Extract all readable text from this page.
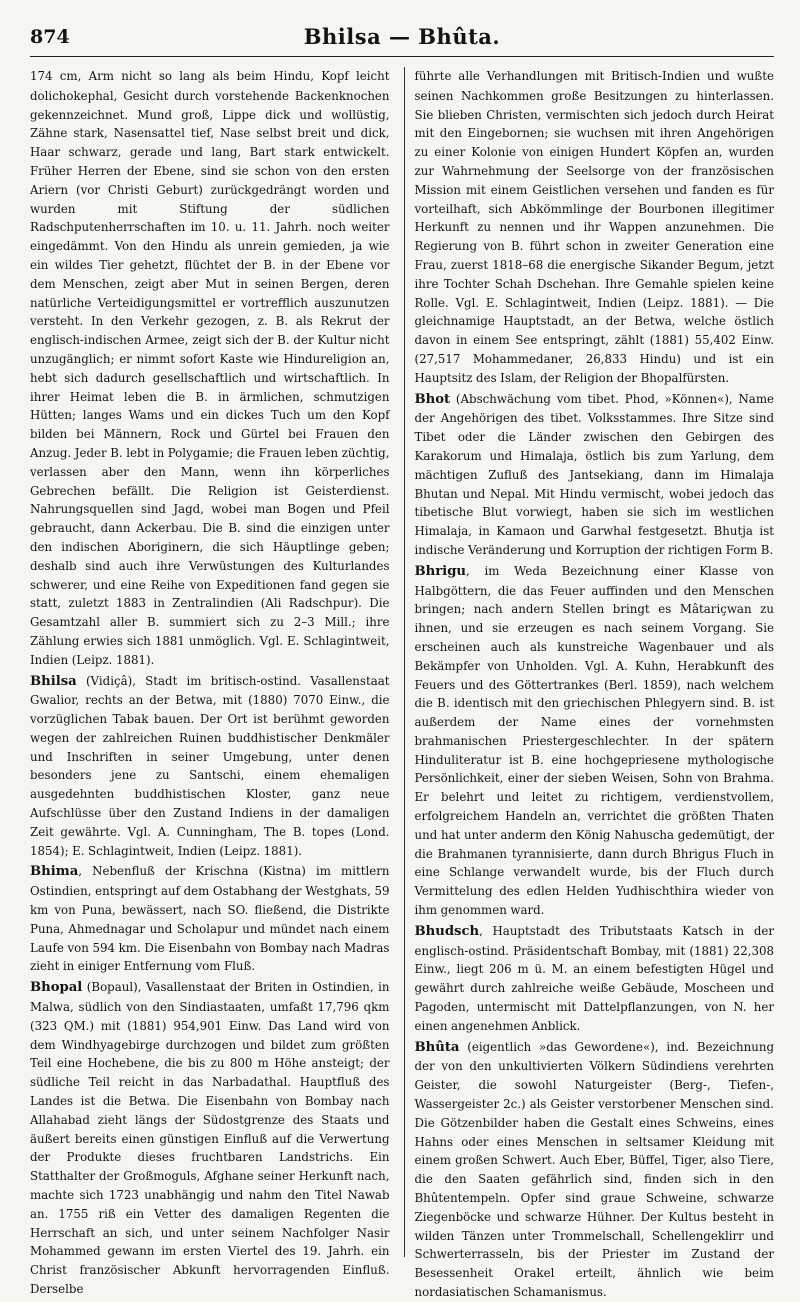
874	Bhilsa — Bhûta.

174 cm, Arm nicht so lang als beim Hindu, Kopf leicht dolichokephal, Gesicht durch vorstehende Backenknochen gekennzeichnet. Mund groß, Lippe dick und wollüstig, Zähne stark, Nasensattel tief, Nase selbst breit und dick, Haar schwarz, gerade und lang, Bart stark entwickelt. Früher Herren der Ebene, sind sie schon von den ersten Ariern (vor Christi Geburt) zurückgedrängt worden und wurden mit Stiftung der südlichen Radschputenherrschaften im 10. u. 11. Jahrh. noch weiter eingedämmt. Von den Hindu als unrein gemieden, ja wie ein wildes Tier gehetzt, flüchtet der B. in der Ebene vor dem Menschen, zeigt aber Mut in seinen Bergen, deren natürliche Verteidigungsmittel er vortrefflich auszunutzen versteht. In den Verkehr gezogen, z. B. als Rekrut der englisch-indischen Armee, zeigt sich der B. der Kultur nicht unzugänglich; er nimmt sofort Kaste wie Hindureligion an, hebt sich dadurch gesellschaftlich und wirtschaftlich. In ihrer Heimat leben die B. in ärmlichen, schmutzigen Hütten; langes Wams und ein dickes Tuch um den Kopf bilden bei Männern, Rock und Gürtel bei Frauen den Anzug. Jeder B. lebt in Polygamie; die Frauen leben züchtig, verlassen aber den Mann, wenn ihn körperliches Gebrechen befällt. Die Religion ist Geisterdienst. Nahrungsquellen sind Jagd, wobei man Bogen und Pfeil gebraucht, dann Ackerbau. Die B. sind die einzigen unter den indischen Aboriginern, die sich Häuptlinge geben; deshalb sind auch ihre Verwüstungen des Kulturlandes schwerer, und eine Reihe von Expeditionen fand gegen sie statt, zuletzt 1883 in Zentralindien (Ali Radschpur). Die Gesamtzahl aller B. summiert sich zu 2–3 Mill.; ihre Zählung erwies sich 1881 unmöglich. Vgl. E. Schlagintweit, Indien (Leipz. 1881).

Bhilsa (Vidiçâ), Stadt im britisch-ostind. Vasallenstaat Gwalior, rechts an der Betwa, mit (1880) 7070 Einw., die vorzüglichen Tabak bauen. Der Ort ist berühmt geworden wegen der zahlreichen Ruinen buddhistischer Denkmäler und Inschriften in seiner Umgebung, unter denen besonders jene zu Santschi, einem ehemaligen ausgedehnten buddhistischen Kloster, ganz neue Aufschlüsse über den Zustand Indiens in der damaligen Zeit gewährte. Vgl. A. Cunningham, The B. topes (Lond. 1854); E. Schlagintweit, Indien (Leipz. 1881).

Bhima, Nebenfluß der Krischna (Kistna) im mittlern Ostindien, entspringt auf dem Ostabhang der Westghats, 59 km von Puna, bewässert, nach SO. fließend, die Distrikte Puna, Ahmednagar und Scholapur und mündet nach einem Laufe von 594 km. Die Eisenbahn von Bombay nach Madras zieht in einiger Entfernung vom Fluß.

Bhopal (Bopaul), Vasallenstaat der Briten in Ostindien, in Malwa, südlich von den Sindiastaaten, umfaßt 17,796 qkm (323 QM.) mit (1881) 954,901 Einw. Das Land wird von dem Windhyagebirge durchzogen und bildet zum größten Teil eine Hochebene, die bis zu 800 m Höhe ansteigt; der südliche Teil reicht in das Narbadathal. Hauptfluß des Landes ist die Betwa. Die Eisenbahn von Bombay nach Allahabad zieht längs der Südostgrenze des Staats und äußert bereits einen günstigen Einfluß auf die Verwertung der Produkte dieses fruchtbaren Landstrichs. Ein Statthalter der Großmoguls, Afghane seiner Herkunft nach, machte sich 1723 unabhängig und nahm den Titel Nawab an. 1755 riß ein Vetter des damaligen Regenten die Herrschaft an sich, und unter seinem Nachfolger Nasir Mohammed gewann im ersten Viertel des 19. Jahrh. ein Christ französischer Abkunft hervorragenden Einfluß. Derselbe

führte alle Verhandlungen mit Britisch-Indien und wußte seinen Nachkommen große Besitzungen zu hinterlassen. Sie blieben Christen, vermischten sich jedoch durch Heirat mit den Eingebornen; sie wuchsen mit ihren Angehörigen zu einer Kolonie von einigen Hundert Köpfen an, wurden zur Wahrnehmung der Seelsorge von der französischen Mission mit einem Geistlichen versehen und fanden es für vorteilhaft, sich Abkömmlinge der Bourbonen illegitimer Herkunft zu nennen und ihr Wappen anzunehmen. Die Regierung von B. führt schon in zweiter Generation eine Frau, zuerst 1818–68 die energische Sikander Begum, jetzt ihre Tochter Schah Dschehan. Ihre Gemahle spielen keine Rolle. Vgl. E. Schlagintweit, Indien (Leipz. 1881). — Die gleichnamige Hauptstadt, an der Betwa, welche östlich davon in einem See entspringt, zählt (1881) 55,402 Einw. (27,517 Mohammedaner, 26,833 Hindu) und ist ein Hauptsitz des Islam, der Religion der Bhopalfürsten.

Bhot (Abschwächung vom tibet. Phod, »Können«), Name der Angehörigen des tibet. Volksstammes. Ihre Sitze sind Tibet oder die Länder zwischen den Gebirgen des Karakorum und Himalaja, östlich bis zum Yarlung, dem mächtigen Zufluß des Jantsekiang, dann im Himalaja Bhutan und Nepal. Mit Hindu vermischt, wobei jedoch das tibetische Blut vorwiegt, haben sie sich im westlichen Himalaja, in Kamaon und Garwhal festgesetzt. Bhutja ist indische Veränderung und Korruption der richtigen Form B.

Bhrigu, im Weda Bezeichnung einer Klasse von Halbgöttern, die das Feuer auffinden und den Menschen bringen; nach andern Stellen bringt es Mâtariçwan zu ihnen, und sie erzeugen es nach seinem Vorgang. Sie erscheinen auch als kunstreiche Wagenbauer und als Bekämpfer von Unholden. Vgl. A. Kuhn, Herabkunft des Feuers und des Göttertrankes (Berl. 1859), nach welchem die B. identisch mit den griechischen Phlegyern sind. B. ist außerdem der Name eines der vornehmsten brahmanischen Priestergeschlechter. In der spätern Hinduliteratur ist B. eine hochgepriesene mythologische Persönlichkeit, einer der sieben Weisen, Sohn von Brahma. Er belehrt und leitet zu richtigem, verdienstvollem, erfolgreichem Handeln an, verrichtet die größten Thaten und hat unter anderm den König Nahuscha gedemütigt, der die Brahmanen tyrannisierte, dann durch Bhrigus Fluch in eine Schlange verwandelt wurde, bis der Fluch durch Vermittelung des edlen Helden Yudhischthira wieder von ihm genommen ward.

Bhudsch, Hauptstadt des Tributstaats Katsch in der englisch-ostind. Präsidentschaft Bombay, mit (1881) 22,308 Einw., liegt 206 m ü. M. an einem befestigten Hügel und gewährt durch zahlreiche weiße Gebäude, Moscheen und Pagoden, untermischt mit Dattelpflanzungen, von N. her einen angenehmen Anblick.

Bhûta (eigentlich »das Gewordene«), ind. Bezeichnung der von den unkultivierten Völkern Südindiens verehrten Geister, die sowohl Naturgeister (Berg-, Tiefen-, Wassergeister 2c.) als Geister verstorbener Menschen sind. Die Götzenbilder haben die Gestalt eines Schweins, eines Hahns oder eines Menschen in seltsamer Kleidung mit einem großen Schwert. Auch Eber, Büffel, Tiger, also Tiere, die den Saaten gefährlich sind, finden sich in den Bhûtentempeln. Opfer sind graue Schweine, schwarze Ziegenböcke und schwarze Hühner. Der Kultus besteht in wilden Tänzen unter Trommelschall, Schellengeklirr und Schwerterrasseln, bis der Priester im Zustand der Besessenheit Orakel erteilt, ähnlich wie beim nordasiatischen Schamanismus.
